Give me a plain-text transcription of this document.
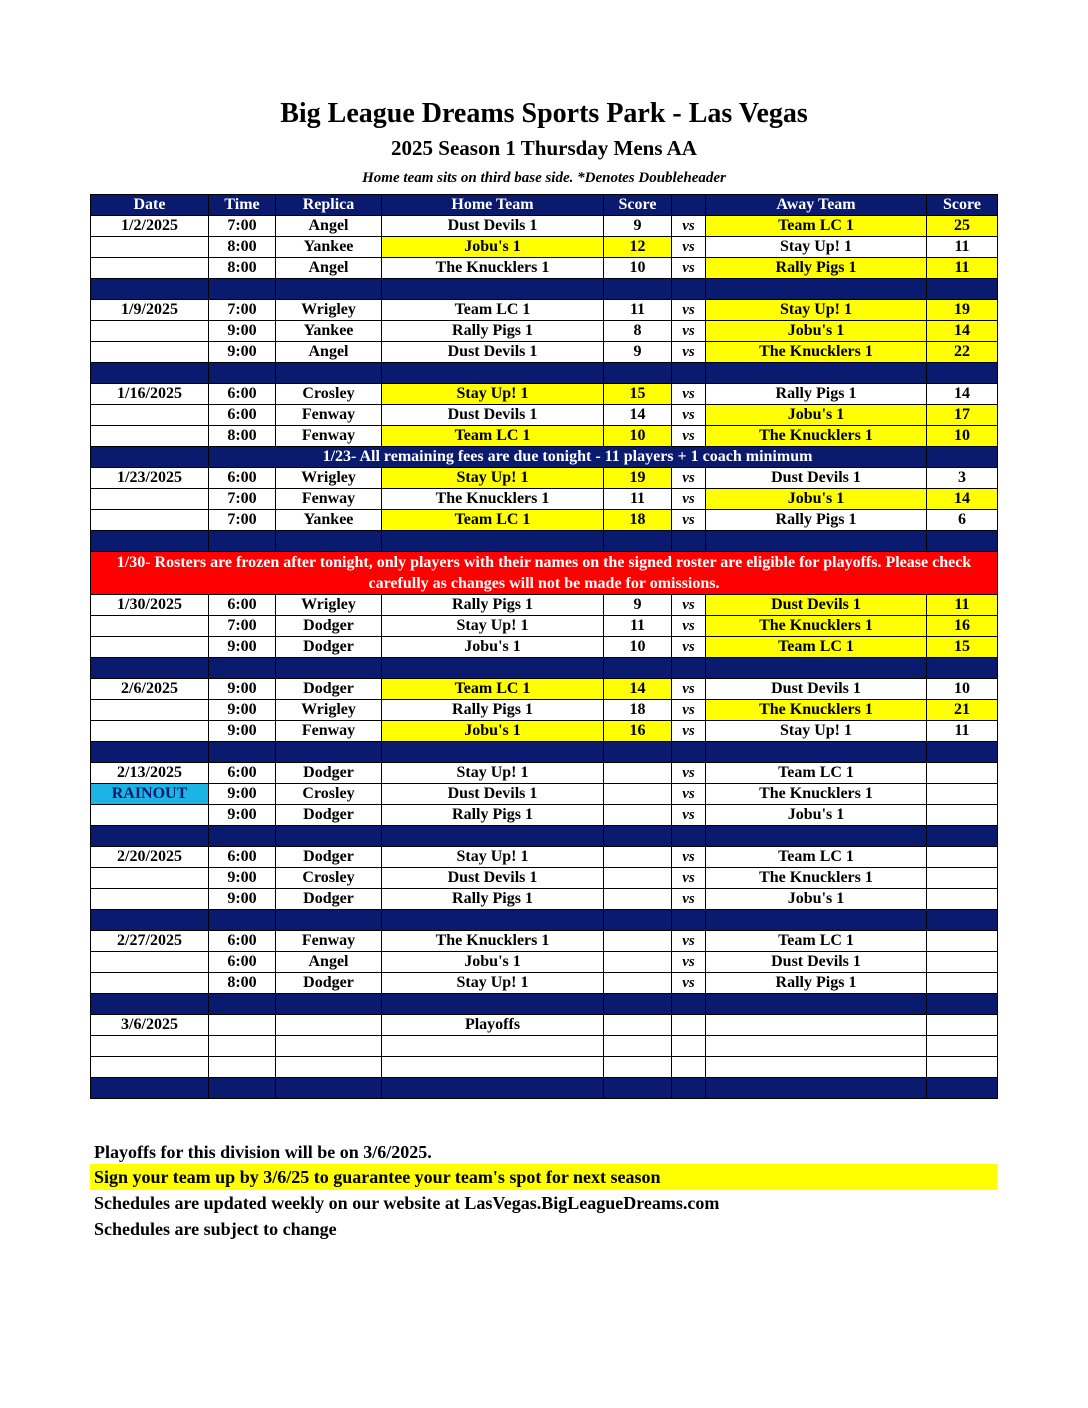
Big League Dreams Sports Park - Las Vegas
2025 Season 1 Thursday Mens AA
Home team sits on third base side. *Denotes Doubleheader
Date	Time	Replica	Home Team	Score		Away Team	Score
1/2/2025	7:00	Angel	Dust Devils 1	9	vs	Team LC 1	25
	8:00	Yankee	Jobu's 1	12	vs	Stay Up! 1	11
	8:00	Angel	The Knucklers 1	10	vs	Rally Pigs 1	11

1/9/2025	7:00	Wrigley	Team LC 1	11	vs	Stay Up! 1	19
	9:00	Yankee	Rally Pigs 1	8	vs	Jobu's 1	14
	9:00	Angel	Dust Devils 1	9	vs	The Knucklers 1	22

1/16/2025	6:00	Crosley	Stay Up! 1	15	vs	Rally Pigs 1	14
	6:00	Fenway	Dust Devils 1	14	vs	Jobu's 1	17
	8:00	Fenway	Team LC 1	10	vs	The Knucklers 1	10
	1/23- All remaining fees are due tonight - 11 players + 1 coach minimum						
1/23/2025	6:00	Wrigley	Stay Up! 1	19	vs	Dust Devils 1	3
	7:00	Fenway	The Knucklers 1	11	vs	Jobu's 1	14
	7:00	Yankee	Team LC 1	18	vs	Rally Pigs 1	6

1/30- Rosters are frozen after tonight, only players with their names on the signed roster are eligible for playoffs. Please check carefully as changes will not be made for omissions.							
1/30/2025	6:00	Wrigley	Rally Pigs 1	9	vs	Dust Devils 1	11
	7:00	Dodger	Stay Up! 1	11	vs	The Knucklers 1	16
	9:00	Dodger	Jobu's 1	10	vs	Team LC 1	15

2/6/2025	9:00	Dodger	Team LC 1	14	vs	Dust Devils 1	10
	9:00	Wrigley	Rally Pigs 1	18	vs	The Knucklers 1	21
	9:00	Fenway	Jobu's 1	16	vs	Stay Up! 1	11

2/13/2025	6:00	Dodger	Stay Up! 1		vs	Team LC 1	
RAINOUT	9:00	Crosley	Dust Devils 1		vs	The Knucklers 1	
	9:00	Dodger	Rally Pigs 1		vs	Jobu's 1	

2/20/2025	6:00	Dodger	Stay Up! 1		vs	Team LC 1	
	9:00	Crosley	Dust Devils 1		vs	The Knucklers 1	
	9:00	Dodger	Rally Pigs 1		vs	Jobu's 1	

2/27/2025	6:00	Fenway	The Knucklers 1		vs	Team LC 1	
	6:00	Angel	Jobu's 1		vs	Dust Devils 1	
	8:00	Dodger	Stay Up! 1		vs	Rally Pigs 1	

3/6/2025			Playoffs				

Playoffs for this division will be on 3/6/2025.
Sign your team up by 3/6/25 to guarantee your team's spot for next season
Schedules are updated weekly on our website at LasVegas.BigLeagueDreams.com
Schedules are subject to change
